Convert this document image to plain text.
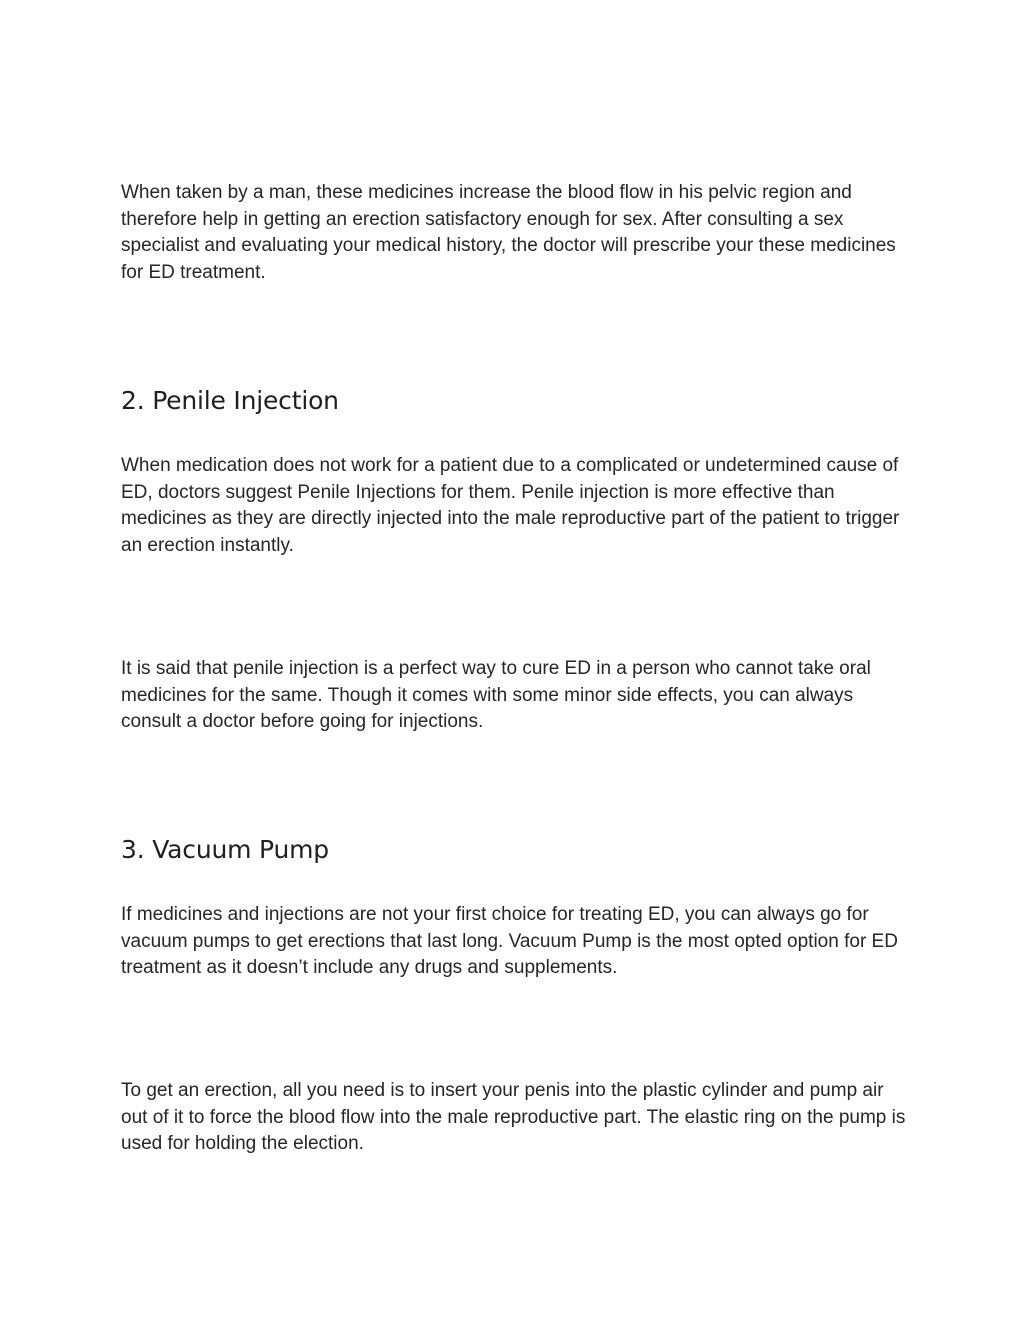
When taken by a man, these medicines increase the blood flow in his pelvic region and therefore help in getting an erection satisfactory enough for sex. After consulting a sex specialist and evaluating your medical history, the doctor will prescribe your these medicines for ED treatment.

2. Penile Injection

When medication does not work for a patient due to a complicated or undetermined cause of ED, doctors suggest Penile Injections for them. Penile injection is more effective than medicines as they are directly injected into the male reproductive part of the patient to trigger an erection instantly.

It is said that penile injection is a perfect way to cure ED in a person who cannot take oral medicines for the same. Though it comes with some minor side effects, you can always consult a doctor before going for injections.

3. Vacuum Pump

If medicines and injections are not your first choice for treating ED, you can always go for vacuum pumps to get erections that last long. Vacuum Pump is the most opted option for ED treatment as it doesn’t include any drugs and supplements.

To get an erection, all you need is to insert your penis into the plastic cylinder and pump air out of it to force the blood flow into the male reproductive part. The elastic ring on the pump is used for holding the election.
